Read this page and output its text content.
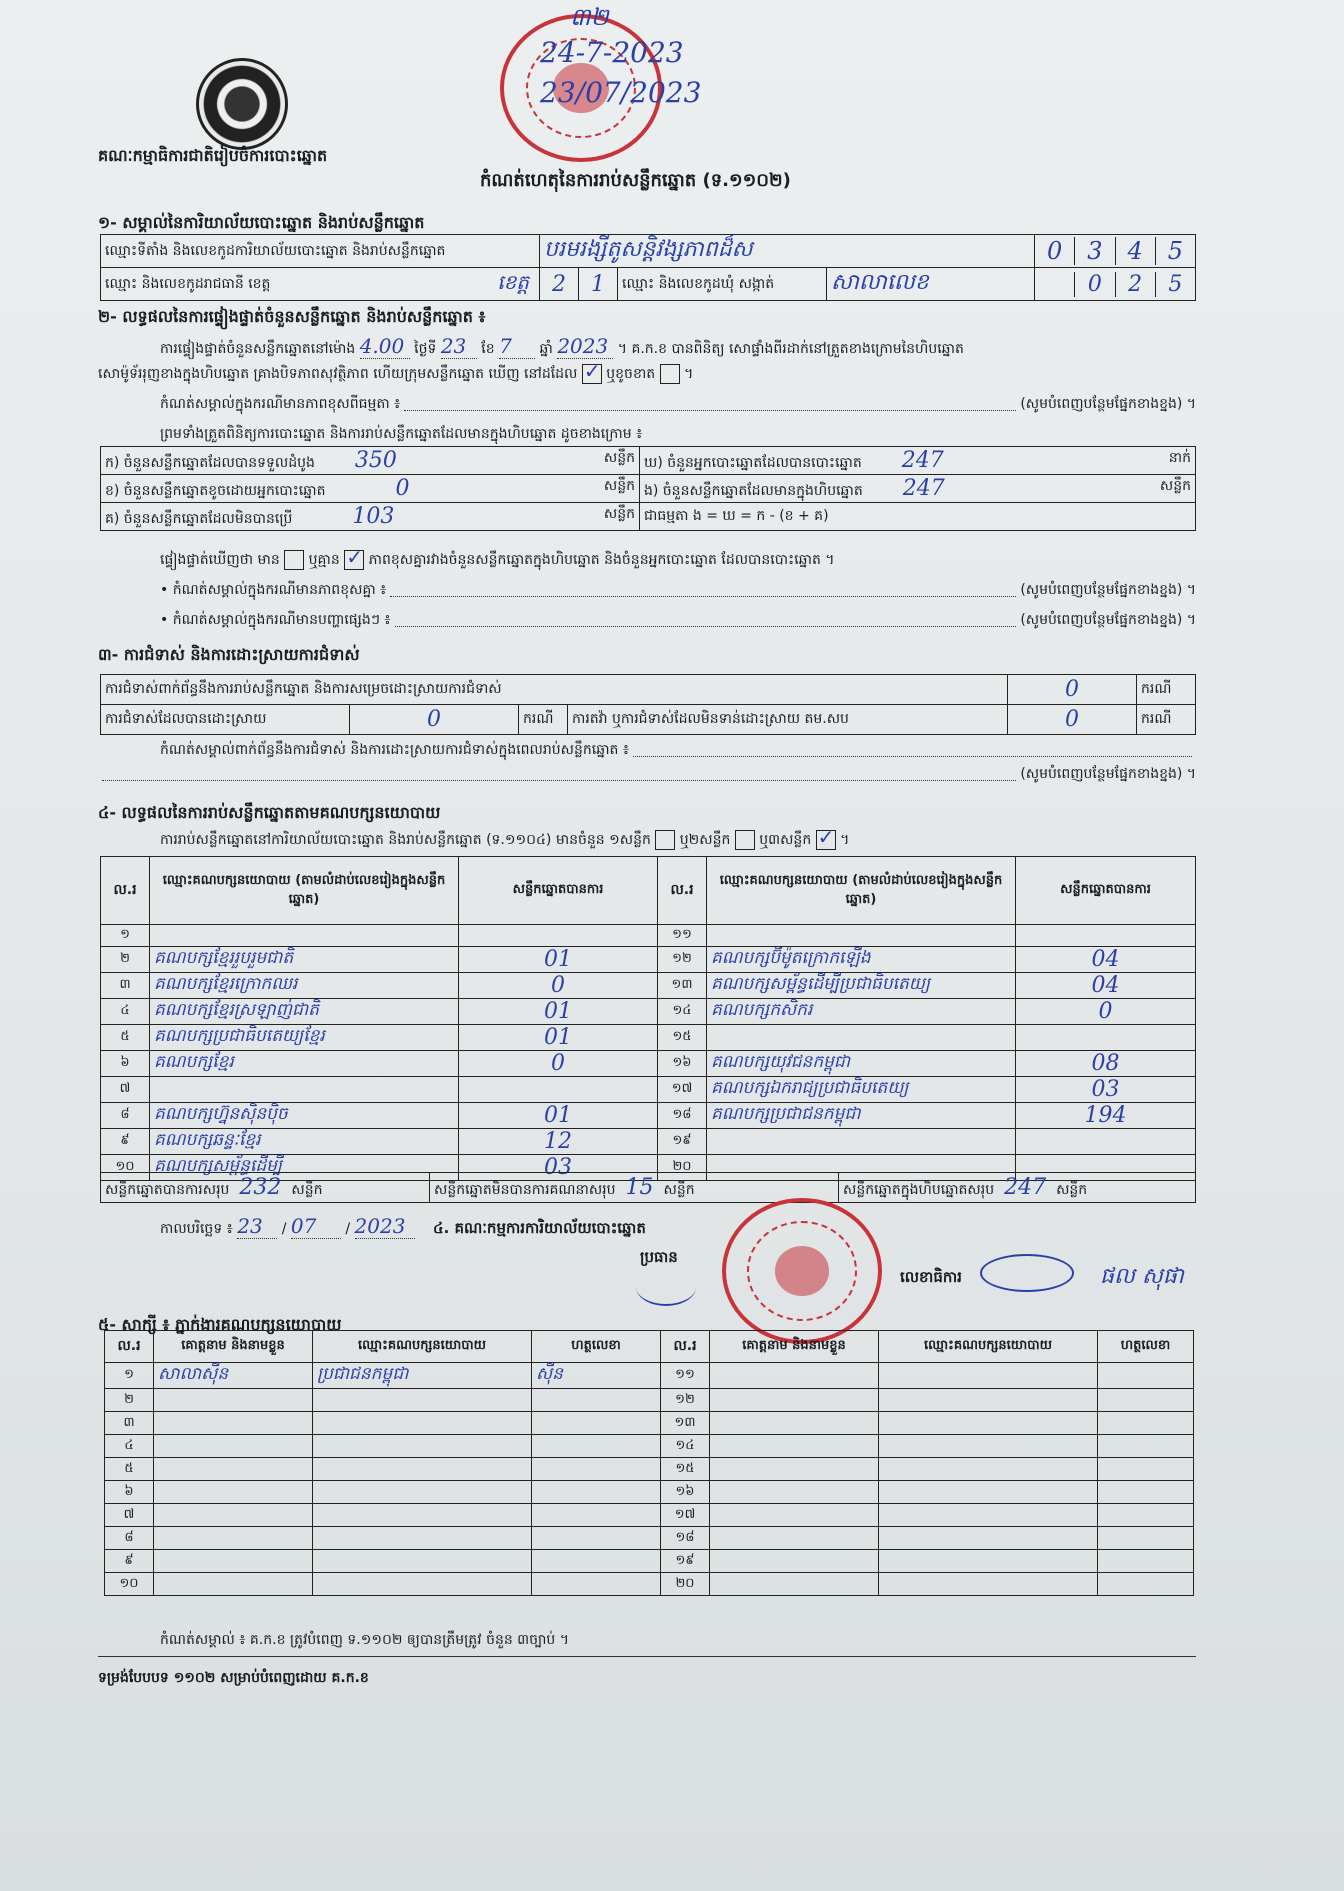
គណៈកម្មាធិការជាតិរៀបចំការបោះឆ្នោត
៣២
24-7-2023
23/07/2023
កំណត់ហេតុនៃការរាប់សន្លឹកឆ្នោត (ទ.១១០២)
១- សម្គាល់នៃការិយាល័យបោះឆ្នោត និងរាប់សន្លឹកឆ្នោត
ឈ្មោះទីតាំង និងលេខកូដការិយាល័យបោះឆ្នោត និងរាប់សន្លឹកឆ្នោត	បរមរង្សីតូសន្តិវង្សភាពដ៏ស				0 3 4 5

ឈ្មោះ និងលេខកូដរាជធានី ខេត្ត ខេត្ត	2	1	ឈ្មោះ និងលេខកូដឃុំ សង្កាត់	សាលាលេខ	0 2 5
២- លទ្ធផលនៃការផ្ទៀងផ្ទាត់ចំនួនសន្លឹកឆ្នោត និងរាប់សន្លឹកឆ្នោត ៖
ការផ្ទៀងផ្ទាត់ចំនួនសន្លឹកឆ្នោតនៅម៉ោង 4.00 ថ្ងៃទី 23 ខែ 7 ឆ្នាំ 2023 ។ គ.ក.ខ បានពិនិត្យ សោផ្ទាំងពីរ​ដាក់នៅត្រួតខាងក្រោមនៃហិបឆ្នោត
សោម៉ូទ័ររុញខាងក្នុងហិបឆ្នោត គ្រាងបិទភាពសុវត្ថិភាព ហើយក្រុមសន្លឹកឆ្នោត ឃើញ នៅដដែល ✓ ឬខូចខាត  ។
កំណត់សម្គាល់ក្នុងករណីមានភាពខុសពីធម្មតា ៖	(សូមបំពេញបន្ថែមផ្នែកខាងខ្នង) ។
ព្រមទាំងត្រួតពិនិត្យការបោះឆ្នោត និងការរាប់សន្លឹកឆ្នោតដែលមានក្នុងហិបឆ្នោត ដូចខាងក្រោម ៖
ក) ចំនួនសន្លឹកឆ្នោតដែលបានទទួលដំបូង 350 សន្លឹក	ឃ) ចំនួនអ្នកបោះឆ្នោតដែលបានបោះឆ្នោត 247 នាក់

ខ) ចំនួនសន្លឹកឆ្នោតខូចដោយអ្នកបោះឆ្នោត 0 សន្លឹក	ង) ចំនួនសន្លឹកឆ្នោតដែលមានក្នុងហិបឆ្នោត 247 សន្លឹក

គ) ចំនួនសន្លឹកឆ្នោតដែលមិនបានប្រើ 103 សន្លឹក	ជាធម្មតា ង = ឃ = ក - (ខ + គ)
ផ្ទៀងផ្ទាត់ឃើញថា មាន ឬគ្មាន ✓ ភាពខុសគ្នារវាងចំនួនសន្លឹកឆ្នោតក្នុងហិបឆ្នោត និងចំនួនអ្នកបោះឆ្នោត ដែលបានបោះឆ្នោត ។
• កំណត់សម្គាល់ក្នុងករណីមានភាពខុសគ្នា ៖	(សូមបំពេញបន្ថែមផ្នែកខាងខ្នង) ។
• កំណត់សម្គាល់ក្នុងករណីមានបញ្ហាផ្សេងៗ ៖	(សូមបំពេញបន្ថែមផ្នែកខាងខ្នង) ។
៣- ការជំទាស់ និងការដោះស្រាយការជំទាស់
ការជំទាស់ពាក់ព័ន្ធនឹងការរាប់សន្លឹកឆ្នោត និងការសម្រេចដោះស្រាយការជំទាស់				0	ករណី
ការជំទាស់ដែលបានដោះស្រាយ	0	ករណី	ការតវ៉ា ឬការជំទាស់ដែលមិនទាន់ដោះស្រាយ តម.សប	0	ករណី
កំណត់សម្គាល់ពាក់ព័ន្ធនឹងការជំទាស់ និងការដោះស្រាយការជំទាស់ក្នុងពេលរាប់សន្លឹកឆ្នោត ៖
(សូមបំពេញបន្ថែមផ្នែកខាងខ្នង) ។
៤- លទ្ធផលនៃការរាប់សន្លឹកឆ្នោតតាមគណបក្សនយោបាយ
ការរាប់សន្លឹកឆ្នោតនៅការិយាល័យបោះឆ្នោត និងរាប់សន្លឹកឆ្នោត (ទ.១១០៤) មានចំនួន ១សន្លឹក ឬ២សន្លឹក ឬ៣សន្លឹក ✓ ។
ល.រ	ឈ្មោះគណបក្សនយោបាយ (តាមលំដាប់លេខរៀងក្នុងសន្លឹកឆ្នោត)	សន្លឹកឆ្នោតបានការ	ល.រ	ឈ្មោះគណបក្សនយោបាយ (តាមលំដាប់លេខរៀងក្នុងសន្លឹកឆ្នោត)	សន្លឹកឆ្នោតបានការ
១			១១		
២	គណបក្សខ្មែររួបរួមជាតិ	01	១២	គណបក្សប៊ីម៉ូតក្រោកឡើង	04
៣	គណបក្សខ្មែរក្រោកឈរ	0	១៣	គណបក្សសម្ព័ន្ធដើម្បីប្រជាធិបតេយ្យ	04
៤	គណបក្សខ្មែរស្រឡាញ់ជាតិ	01	១៤	គណបក្សកសិករ	0
៥	គណបក្សប្រជាធិបតេយ្យខ្មែរ	01	១៥		
៦	គណបក្សខ្មែរ	0	១៦	គណបក្សយុវជនកម្ពុជា	08
៧			១៧	គណបក្សឯករាជ្យប្រជាធិបតេយ្យ	03
៨	គណបក្សហ្វ៊ុនស៊ិនប៉ិច	01	១៨	គណបក្សប្រជាជនកម្ពុជា	194
៩	គណបក្សឆន្ទៈខ្មែរ	12	១៩		
១០	គណបក្សសម្ព័ន្ធដើម្បី	03	២០		
សន្លឹកឆ្នោតបានការសរុប 232 សន្លឹក	សន្លឹកឆ្នោតមិនបានការគណនាសរុប 15 សន្លឹក	សន្លឹកឆ្នោតក្នុងហិបឆ្នោតសរុប 247 សន្លឹក
កាលបរិច្ឆេទ ៖ 23 / 07 / 2023 ៤. គណៈកម្មការការិយាល័យបោះឆ្នោត
ប្រធាន
លេខាធិការ	ផល សុផា
៥- សាក្សី ៖ ភ្នាក់ងារគណបក្សនយោបាយ
ល.រ	គោត្តនាម និងនាមខ្លួន	ឈ្មោះគណបក្សនយោបាយ	ហត្ថលេខា	ល.រ	គោត្តនាម និងនាមខ្លួន	ឈ្មោះគណបក្សនយោបាយ	ហត្ថលេខា
១	សាលា​ស៊ីន	ប្រជាជនកម្ពុជា	ស៊ីន	១១			
២				១២			
៣				១៣			
៤				១៤			
៥				១៥			
៦				១៦			
៧				១៧			
៨				១៨			
៩				១៩			
១០				២០			
កំណត់សម្គាល់ ៖ គ.ក.ខ ត្រូវបំពេញ ទ.១១០២ ឲ្យបានត្រឹមត្រូវ ចំនួន ៣ច្បាប់ ។
ទម្រង់បែបបទ ១១០២ សម្រាប់បំពេញដោយ គ.ក.ខ
